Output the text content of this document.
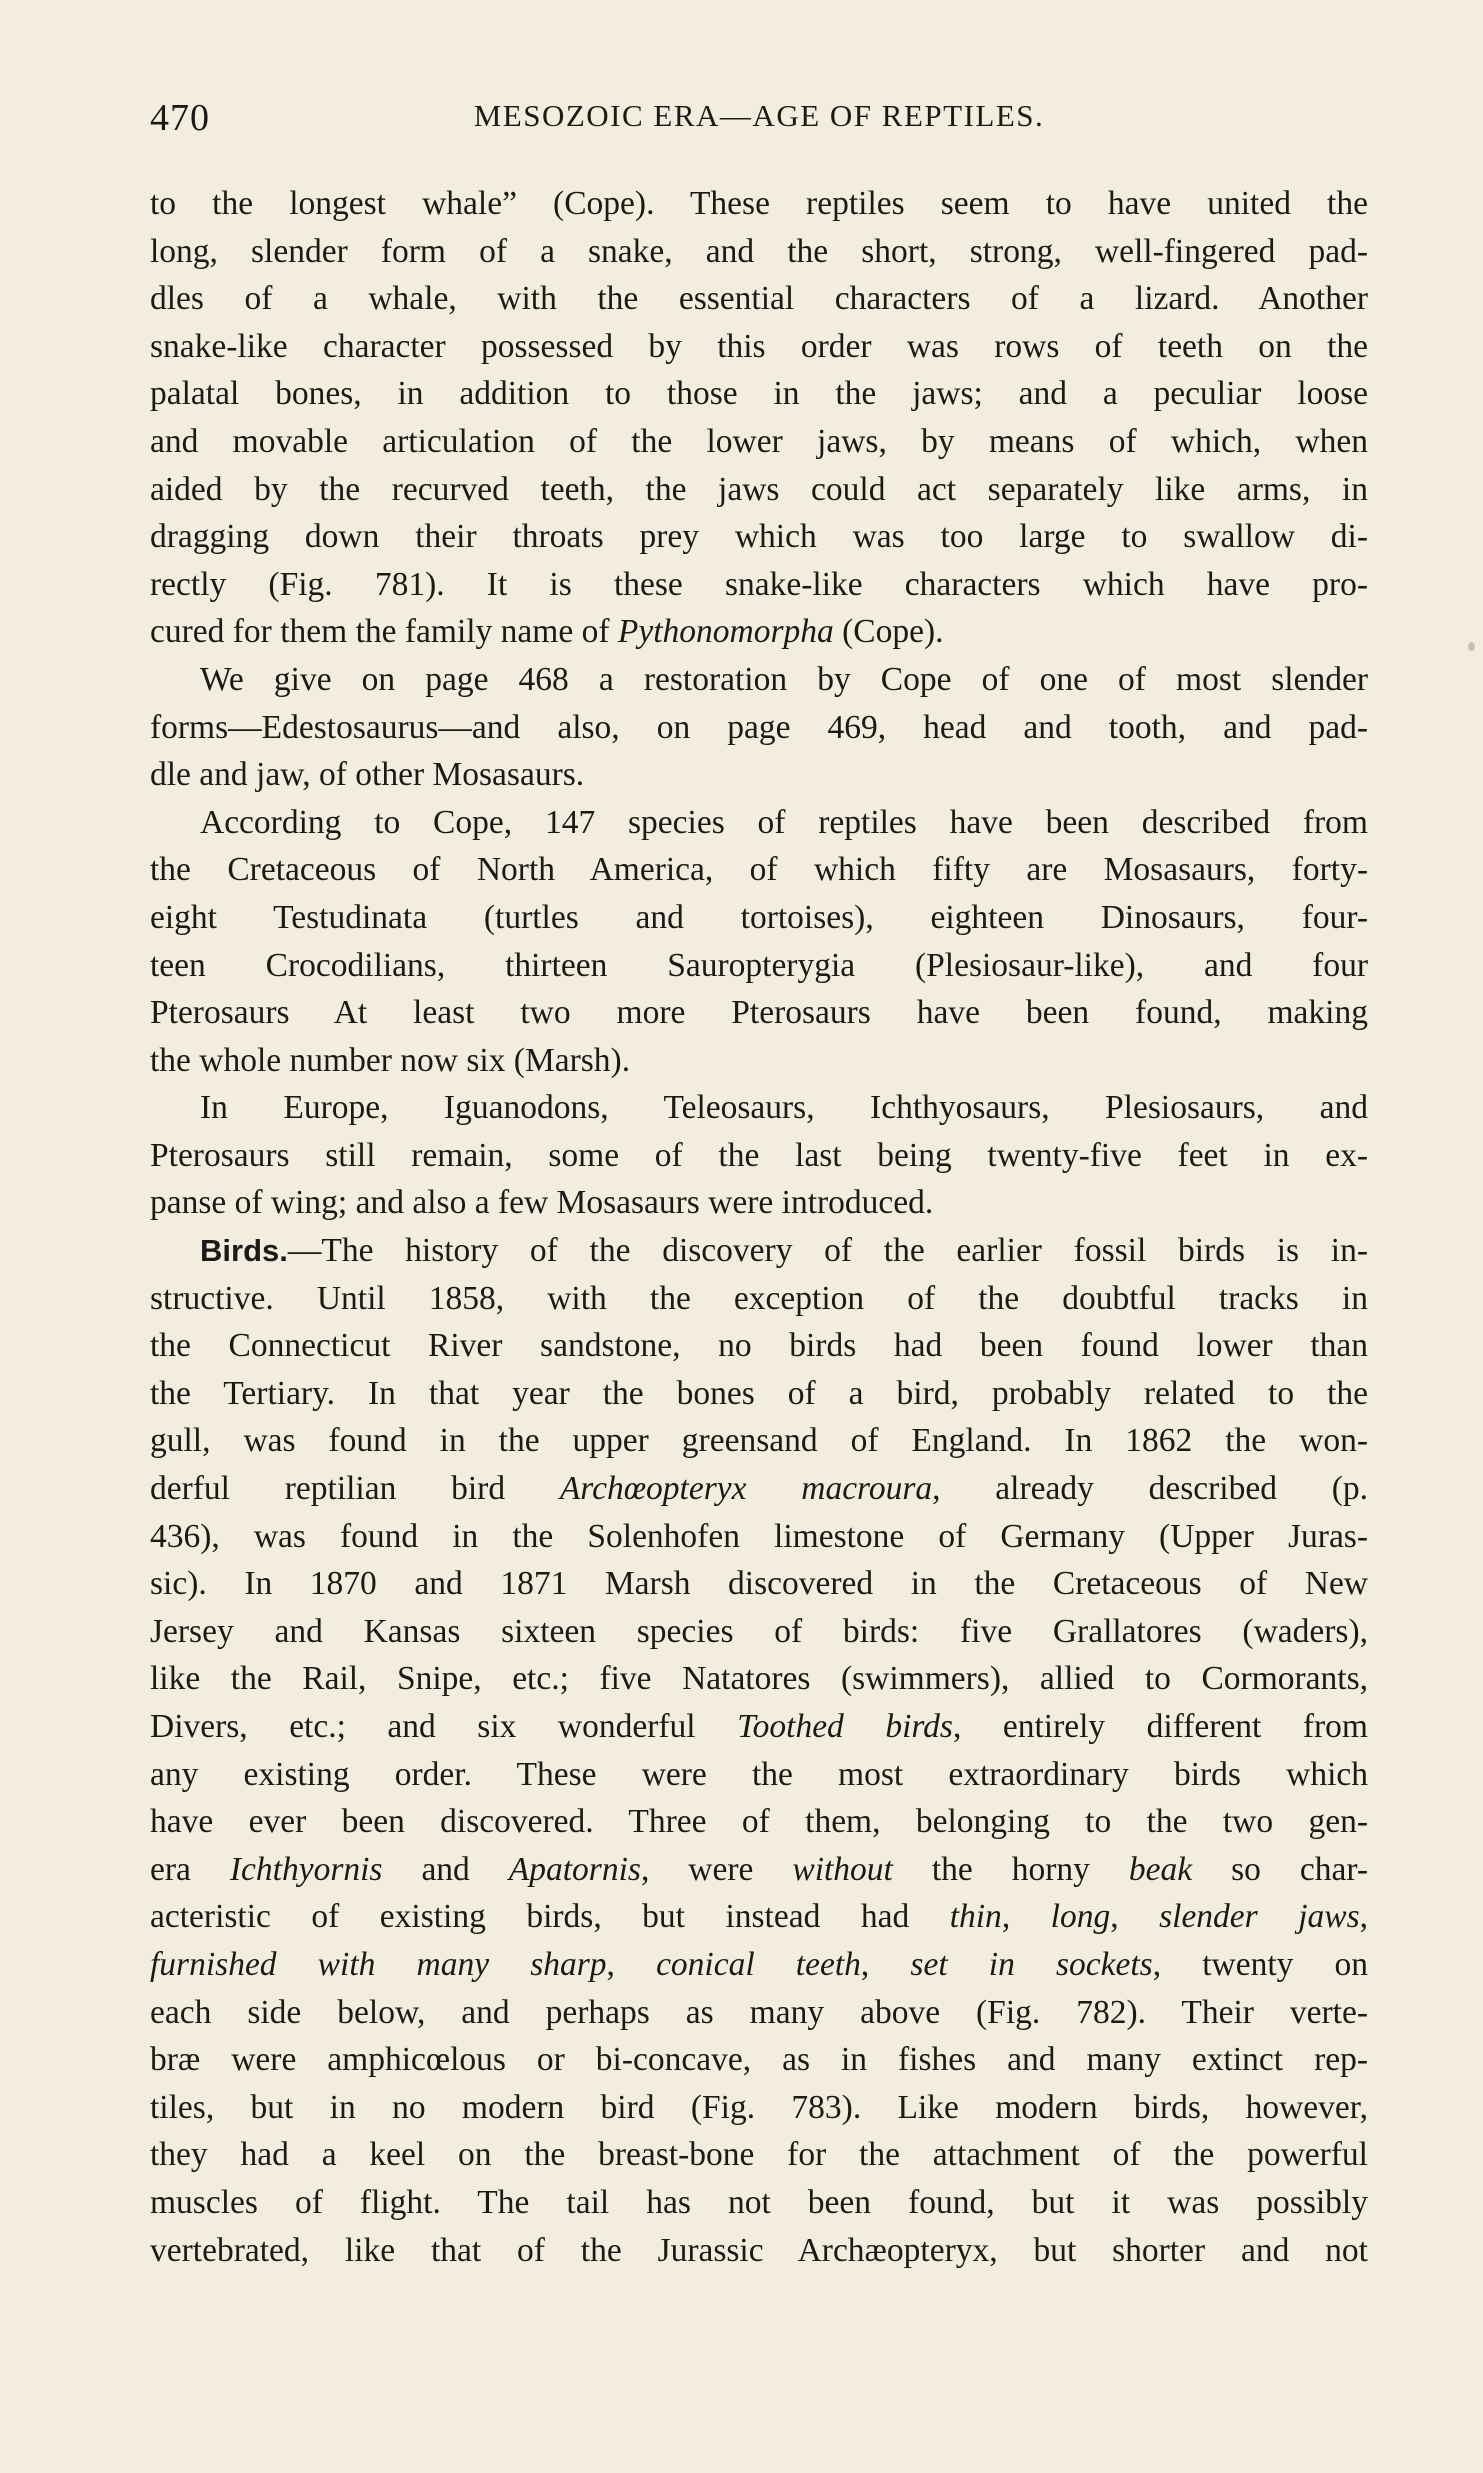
470	MESOZOIC ERA—AGE OF REPTILES.
to the longest whale” (Cope). These reptiles seem to have united the
long, slender form of a snake, and the short, strong, well-fingered pad-
dles of a whale, with the essential characters of a lizard. Another
snake-like character possessed by this order was rows of teeth on the
palatal bones, in addition to those in the jaws; and a peculiar loose
and movable articulation of the lower jaws, by means of which, when
aided by the recurved teeth, the jaws could act separately like arms, in
dragging down their throats prey which was too large to swallow di-
rectly (Fig. 781). It is these snake-like characters which have pro-
cured for them the family name of Pythonomorpha (Cope).
We give on page 468 a restoration by Cope of one of most slender
forms—Edestosaurus—and also, on page 469, head and tooth, and pad-
dle and jaw, of other Mosasaurs.
According to Cope, 147 species of reptiles have been described from
the Cretaceous of North America, of which fifty are Mosasaurs, forty-
eight Testudinata (turtles and tortoises), eighteen Dinosaurs, four-
teen Crocodilians, thirteen Sauropterygia (Plesiosaur-like), and four
Pterosaurs At least two more Pterosaurs have been found, making
the whole number now six (Marsh).
In Europe, Iguanodons, Teleosaurs, Ichthyosaurs, Plesiosaurs, and
Pterosaurs still remain, some of the last being twenty-five feet in ex-
panse of wing; and also a few Mosasaurs were introduced.
Birds.—The history of the discovery of the earlier fossil birds is in-
structive. Until 1858, with the exception of the doubtful tracks in
the Connecticut River sandstone, no birds had been found lower than
the Tertiary. In that year the bones of a bird, probably related to the
gull, was found in the upper greensand of England. In 1862 the won-
derful reptilian bird Archœopteryx macroura, already described (p.
436), was found in the Solenhofen limestone of Germany (Upper Juras-
sic). In 1870 and 1871 Marsh discovered in the Cretaceous of New
Jersey and Kansas sixteen species of birds: five Grallatores (waders),
like the Rail, Snipe, etc.; five Natatores (swimmers), allied to Cormorants,
Divers, etc.; and six wonderful Toothed birds, entirely different from
any existing order. These were the most extraordinary birds which
have ever been discovered. Three of them, belonging to the two gen-
era Ichthyornis and Apatornis, were without the horny beak so char-
acteristic of existing birds, but instead had thin, long, slender jaws,
furnished with many sharp, conical teeth, set in sockets, twenty on
each side below, and perhaps as many above (Fig. 782). Their verte-
bræ were amphicœlous or bi-concave, as in fishes and many extinct rep-
tiles, but in no modern bird (Fig. 783). Like modern birds, however,
they had a keel on the breast-bone for the attachment of the powerful
muscles of flight. The tail has not been found, but it was possibly
vertebrated, like that of the Jurassic Archæopteryx, but shorter and not
